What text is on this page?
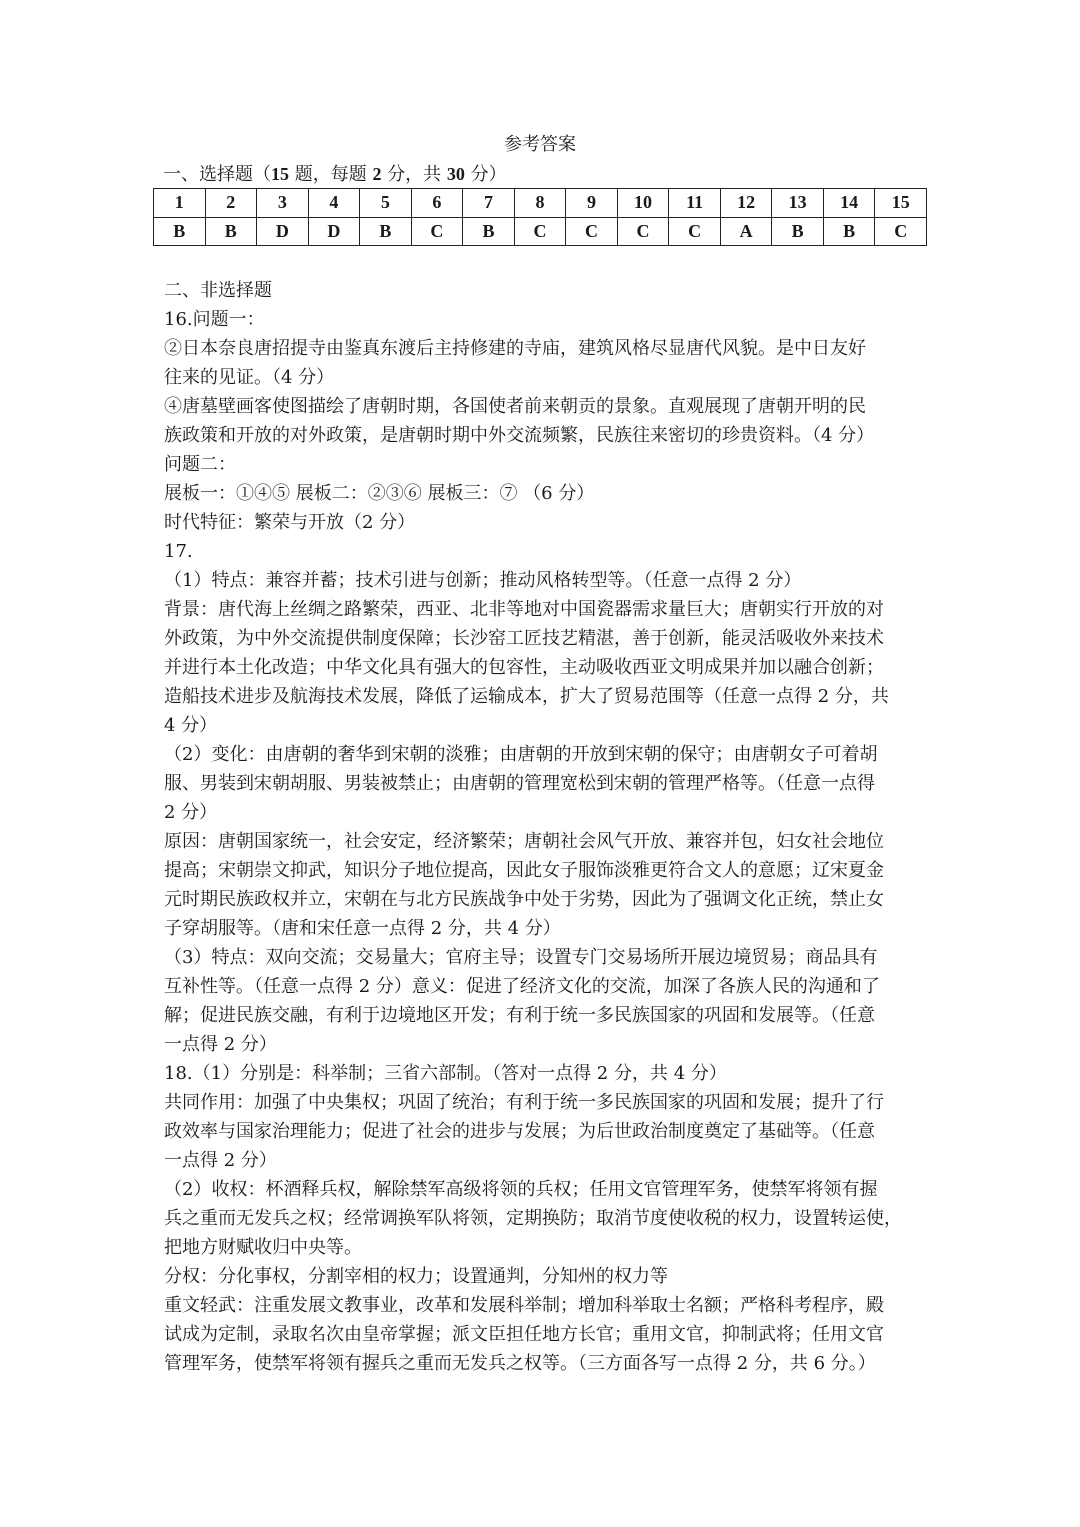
参考答案
一、选择题（15 题，每题 2 分，共 30 分）
1	2	3	4	5	6	7	8	9	10	11	12	13	14	15
B	B	D	D	B	C	B	C	C	C	C	A	B	B	C

二、非选择题

16.问题一：

②日本奈良唐招提寺由鉴真东渡后主持修建的寺庙，建筑风格尽显唐代风貌。是中日友好

往来的见证。（4 分）

④唐墓壁画客使图描绘了唐朝时期，各国使者前来朝贡的景象。直观展现了唐朝开明的民

族政策和开放的对外政策，是唐朝时期中外交流频繁，民族往来密切的珍贵资料。（4 分）

问题二：

展板一：①④⑤ 展板二：②③⑥ 展板三：⑦ （6 分）

时代特征：繁荣与开放（2 分）

17.

（1）特点：兼容并蓄；技术引进与创新；推动风格转型等。（任意一点得 2 分）

背景：唐代海上丝绸之路繁荣，西亚、北非等地对中国瓷器需求量巨大；唐朝实行开放的对

外政策，为中外交流提供制度保障；长沙窑工匠技艺精湛，善于创新，能灵活吸收外来技术

并进行本土化改造；中华文化具有强大的包容性，主动吸收西亚文明成果并加以融合创新；

造船技术进步及航海技术发展，降低了运输成本，扩大了贸易范围等（任意一点得 2 分，共

4 分）

（2）变化：由唐朝的奢华到宋朝的淡雅；由唐朝的开放到宋朝的保守；由唐朝女子可着胡

服、男装到宋朝胡服、男装被禁止；由唐朝的管理宽松到宋朝的管理严格等。（任意一点得

2 分）

原因：唐朝国家统一，社会安定，经济繁荣；唐朝社会风气开放、兼容并包，妇女社会地位

提高；宋朝崇文抑武，知识分子地位提高，因此女子服饰淡雅更符合文人的意愿；辽宋夏金

元时期民族政权并立，宋朝在与北方民族战争中处于劣势，因此为了强调文化正统，禁止女

子穿胡服等。（唐和宋任意一点得 2 分，共 4 分）

（3）特点：双向交流；交易量大；官府主导；设置专门交易场所开展边境贸易；商品具有

互补性等。（任意一点得 2 分）意义：促进了经济文化的交流，加深了各族人民的沟通和了

解；促进民族交融，有利于边境地区开发；有利于统一多民族国家的巩固和发展等。（任意

一点得 2 分）

18.（1）分别是：科举制；三省六部制。（答对一点得 2 分，共 4 分）

共同作用：加强了中央集权；巩固了统治；有利于统一多民族国家的巩固和发展；提升了行

政效率与国家治理能力；促进了社会的进步与发展；为后世政治制度奠定了基础等。（任意

一点得 2 分）

（2）收权：杯酒释兵权，解除禁军高级将领的兵权；任用文官管理军务，使禁军将领有握

兵之重而无发兵之权；经常调换军队将领，定期换防；取消节度使收税的权力，设置转运使，

把地方财赋收归中央等。

分权：分化事权，分割宰相的权力；设置通判，分知州的权力等

重文轻武：注重发展文教事业，改革和发展科举制；增加科举取士名额；严格科考程序，殿

试成为定制，录取名次由皇帝掌握；派文臣担任地方长官；重用文官，抑制武将；任用文官

管理军务，使禁军将领有握兵之重而无发兵之权等。（三方面各写一点得 2 分，共 6 分。）
